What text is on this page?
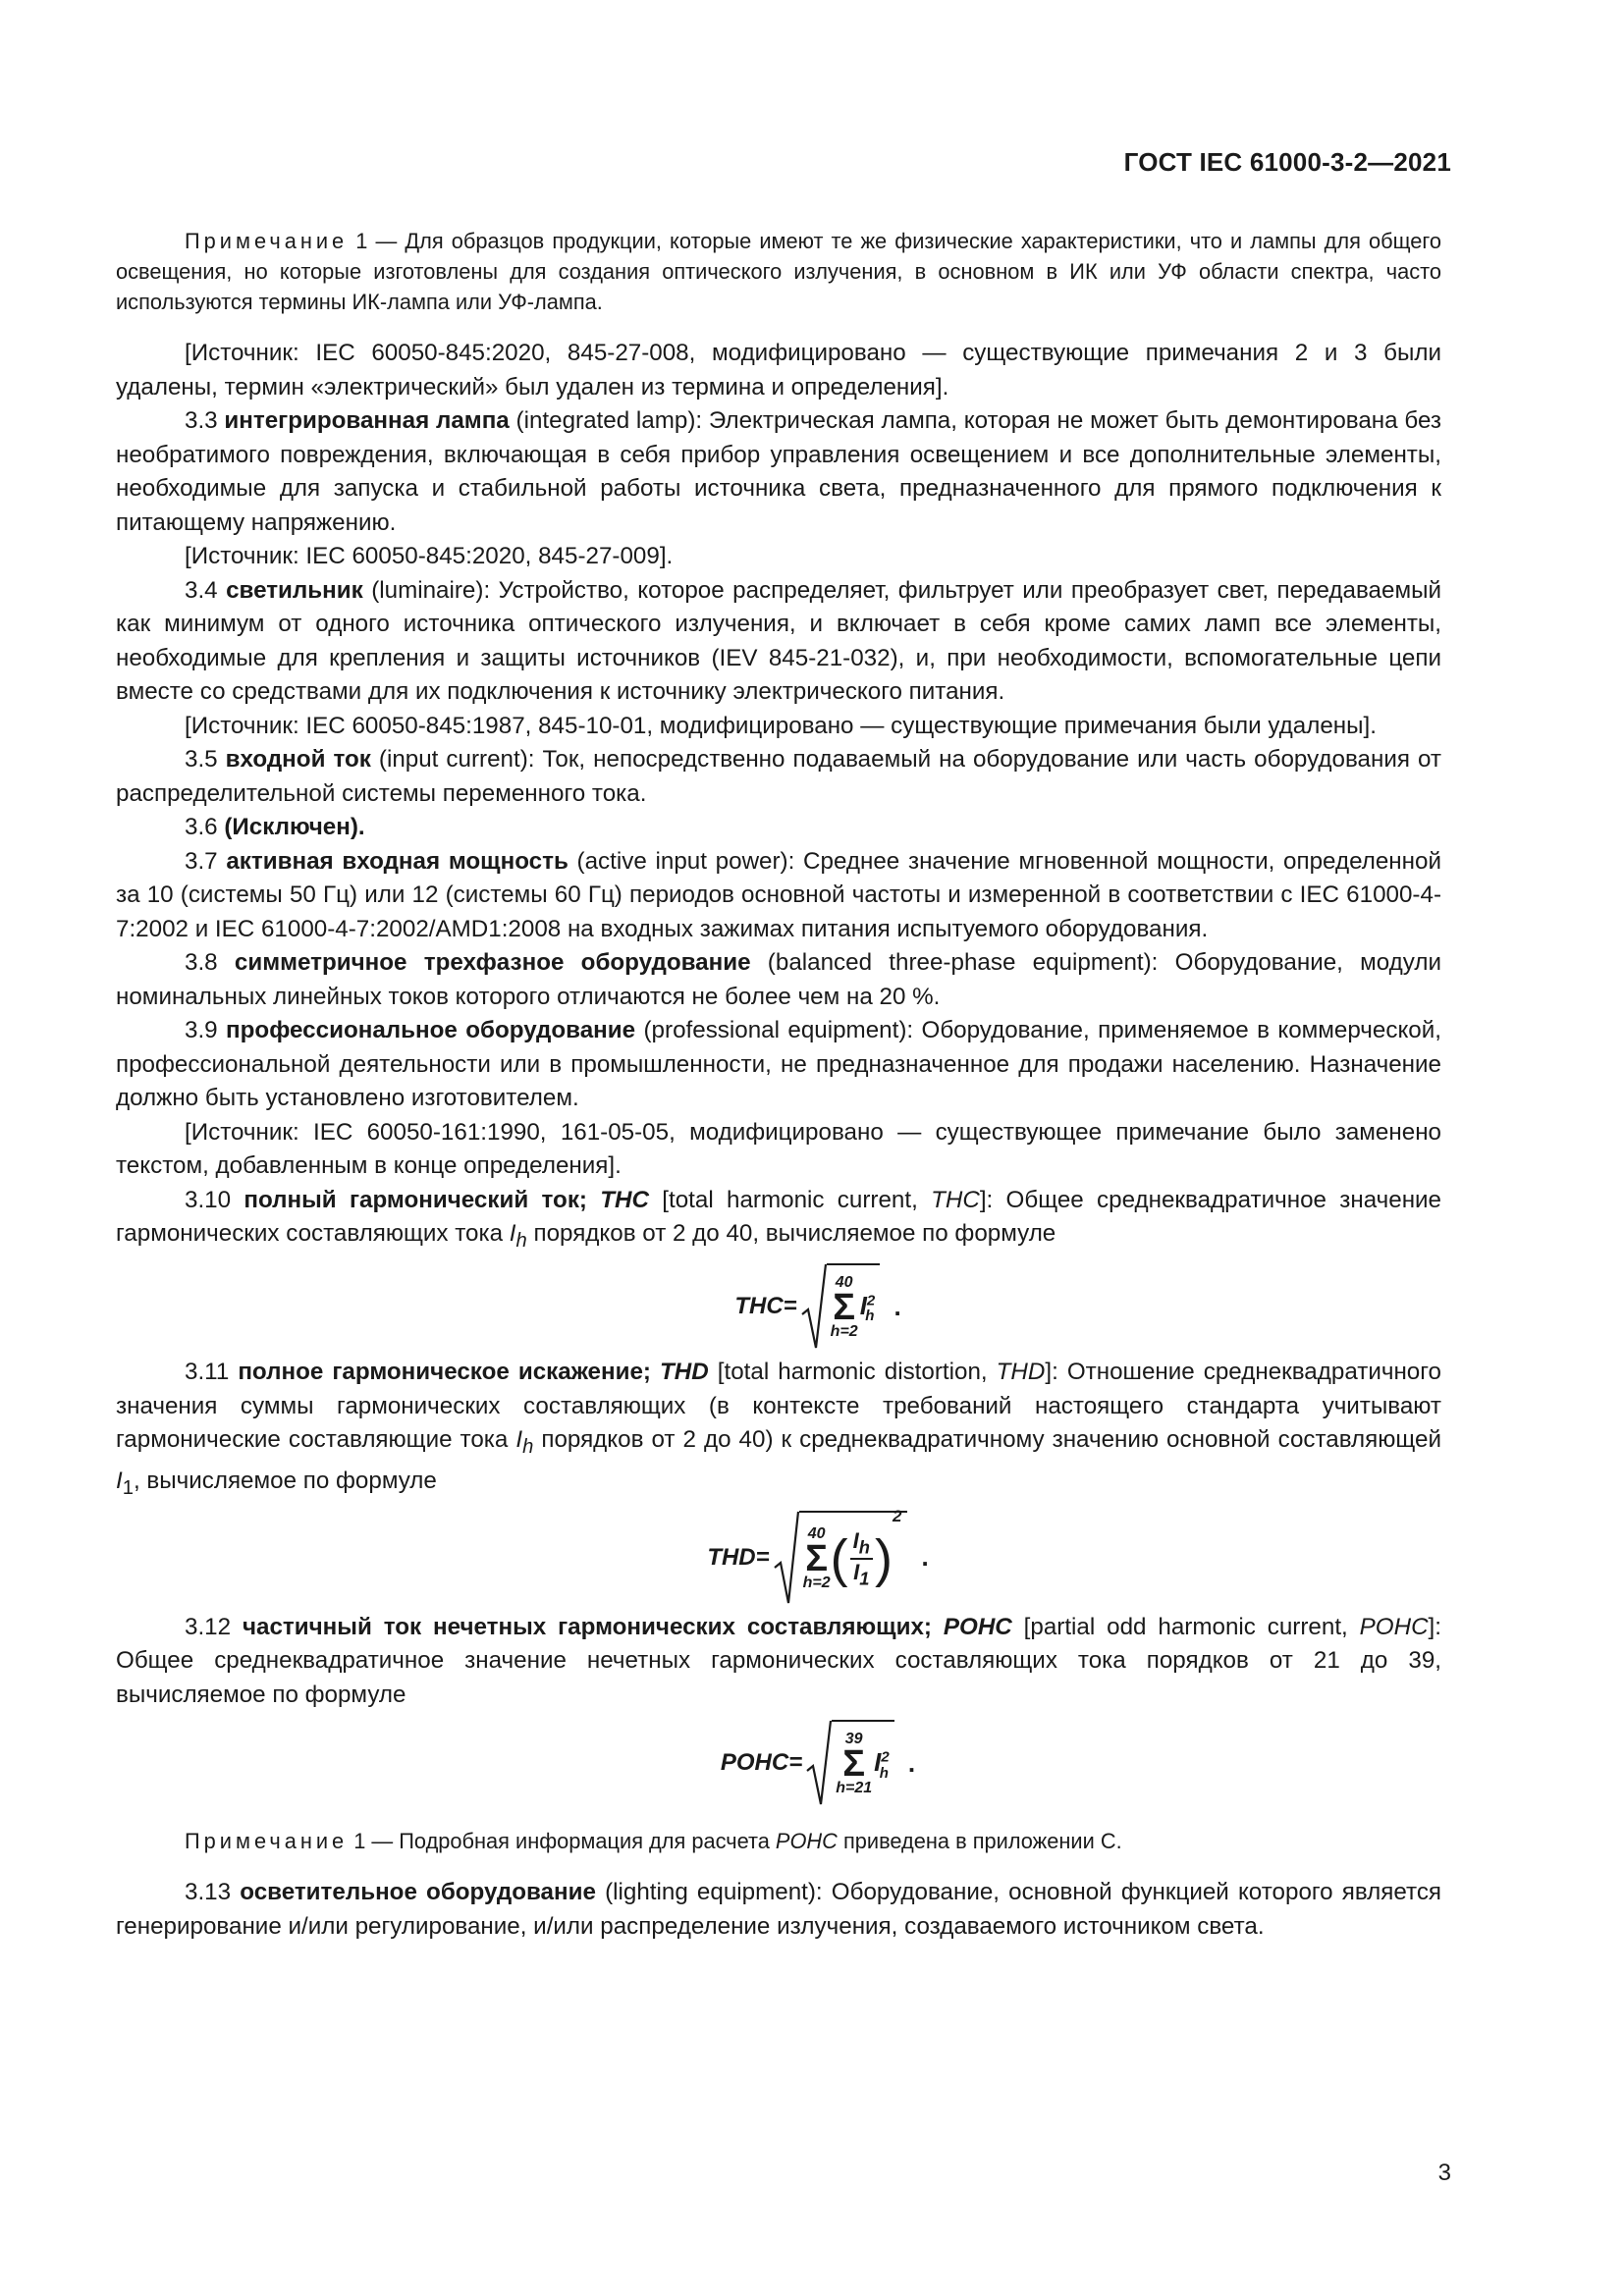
ГОСТ IEC 61000-3-2—2021

Примечание 1 — Для образцов продукции, которые имеют те же физические характеристики, что и лампы для общего освещения, но которые изготовлены для создания оптического излучения, в основном в ИК или УФ области спектра, часто используются термины ИК-лампа или УФ-лампа.

[Источник: IEC 60050-845:2020, 845-27-008, модифицировано — существующие примечания 2 и 3 были удалены, термин «электрический» был удален из термина и определения].

3.3 интегрированная лампа (integrated lamp): Электрическая лампа, которая не может быть демонтирована без необратимого повреждения, включающая в себя прибор управления освещением и все дополнительные элементы, необходимые для запуска и стабильной работы источника света, предназначенного для прямого подключения к питающему напряжению.

[Источник: IEC 60050-845:2020, 845-27-009].

3.4 светильник (luminaire): Устройство, которое распределяет, фильтрует или преобразует свет, передаваемый как минимум от одного источника оптического излучения, и включает в себя кроме самих ламп все элементы, необходимые для крепления и защиты источников (IEV 845-21-032), и, при необходимости, вспомогательные цепи вместе со средствами для их подключения к источнику электрического питания.

[Источник: IEC 60050-845:1987, 845-10-01, модифицировано — существующие примечания были удалены].

3.5 входной ток (input current): Ток, непосредственно подаваемый на оборудование или часть оборудования от распределительной системы переменного тока.

3.6 (Исключен).

3.7 активная входная мощность (active input power): Среднее значение мгновенной мощности, определенной за 10 (системы 50 Гц) или 12 (системы 60 Гц) периодов основной частоты и измеренной в соответствии с IEC 61000-4-7:2002 и IEC 61000-4-7:2002/AMD1:2008 на входных зажимах питания испытуемого оборудования.

3.8 симметричное трехфазное оборудование (balanced three-phase equipment): Оборудование, модули номинальных линейных токов которого отличаются не более чем на 20 %.

3.9 профессиональное оборудование (professional equipment): Оборудование, применяемое в коммерческой, профессиональной деятельности или в промышленности, не предназначенное для продажи населению. Назначение должно быть установлено изготовителем.

[Источник: IEC 60050-161:1990, 161-05-05, модифицировано — существующее примечание было заменено текстом, добавленным в конце определения].

3.10 полный гармонический ток; THC [total harmonic current, THC]: Общее среднеквадратичное значение гармонических составляющих тока $I_h$ порядков от 2 до 40, вычисляемое по формуле

THC=
40
Σ
h=2
$I^2_h$ .

3.11 полное гармоническое искажение; THD [total harmonic distortion, THD]: Отношение среднеквадратичного значения суммы гармонических составляющих (в контексте требований настоящего стандарта учитывают гармонические составляющие тока $I_h$ порядков от 2 до 40) к среднеквадратичному значению основной составляющей $I_1$, вычисляемое по формуле

THD=
40
Σ
h=2 ( $\frac{I_h}{I_1}$ )
2
.

3.12 частичный ток нечетных гармонических составляющих; POHC [partial odd harmonic current, POHC]: Общее среднеквадратичное значение нечетных гармонических составляющих тока порядков от 21 до 39, вычисляемое по формуле

POHC=
39
Σ
h=21
$I^2_h$ .

Примечание 1 — Подробная информация для расчета POHC приведена в приложении С.

3.13 осветительное оборудование (lighting equipment): Оборудование, основной функцией которого является генерирование и/или регулирование, и/или распределение излучения, создаваемого источником света.

3
